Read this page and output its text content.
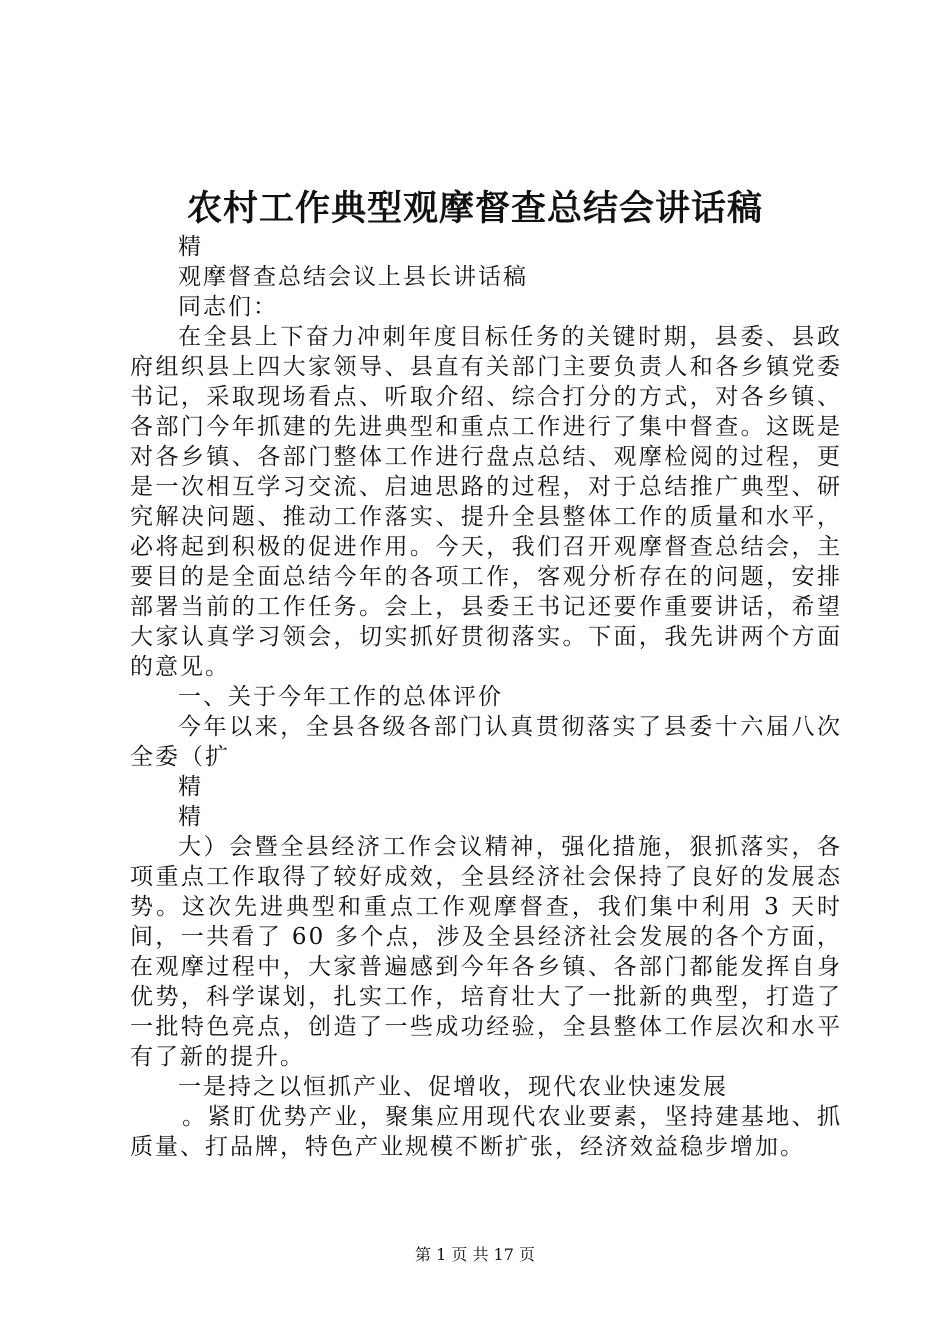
农村工作典型观摩督查总结会讲话稿

精

观摩督查总结会议上县长讲话稿

同志们：

在全县上下奋力冲刺年度目标任务的关键时期，县委、县政府组织县上四大家领导、县直有关部门主要负责人和各乡镇党委书记，采取现场看点、听取介绍、综合打分的方式，对各乡镇、各部门今年抓建的先进典型和重点工作进行了集中督查。这既是对各乡镇、各部门整体工作进行盘点总结、观摩检阅的过程，更是一次相互学习交流、启迪思路的过程，对于总结推广典型、研究解决问题、推动工作落实、提升全县整体工作的质量和水平，必将起到积极的促进作用。今天，我们召开观摩督查总结会，主要目的是全面总结今年的各项工作，客观分析存在的问题，安排部署当前的工作任务。会上，县委王书记还要作重要讲话，希望大家认真学习领会，切实抓好贯彻落实。下面，我先讲两个方面的意见。

一、关于今年工作的总体评价

今年以来，全县各级各部门认真贯彻落实了县委十六届八次全委（扩

精

精

大）会暨全县经济工作会议精神，强化措施，狠抓落实，各项重点工作取得了较好成效，全县经济社会保持了良好的发展态势。这次先进典型和重点工作观摩督查，我们集中利用 3 天时间，一共看了 60 多个点，涉及全县经济社会发展的各个方面，在观摩过程中，大家普遍感到今年各乡镇、各部门都能发挥自身优势，科学谋划，扎实工作，培育壮大了一批新的典型，打造了一批特色亮点，创造了一些成功经验，全县整体工作层次和水平有了新的提升。

一是持之以恒抓产业、促增收，现代农业快速发展

。紧盯优势产业，聚集应用现代农业要素，坚持建基地、抓质量、打品牌，特色产业规模不断扩张，经济效益稳步增加。

第 1 页 共 17 页
